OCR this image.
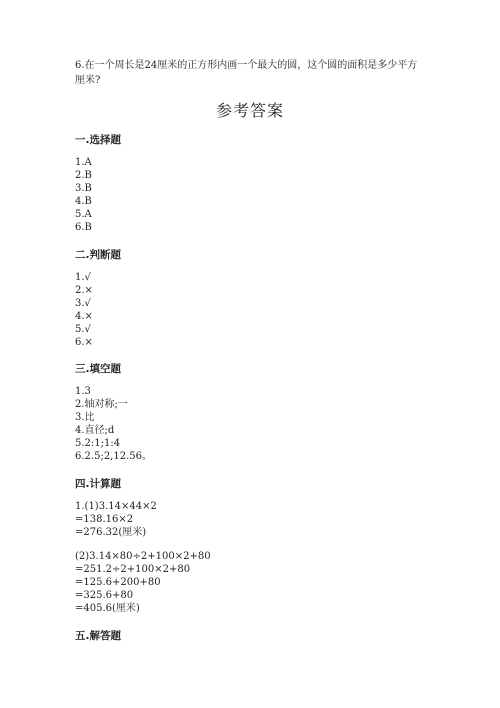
6.在一个周长是24厘米的正方形内画一个最大的圆，这个圆的面积是多少平方
厘米?
参考答案
一.选择题
1.A
2.B
3.B
4.B
5.A
6.B
二.判断题
1.√
2.×
3.√
4.×
5.√
6.×
三.填空题
1.3
2.轴对称;一
3.比
4.直径;d
5.2:1;1:4
6.2.5;2,12.56。
四.计算题
1.(1)3.14×44×2
=138.16×2
=276.32(厘米)
(2)3.14×80÷2+100×2+80
=251.2÷2+100×2+80
=125.6+200+80
=325.6+80
=405.6(厘米)
五.解答题
